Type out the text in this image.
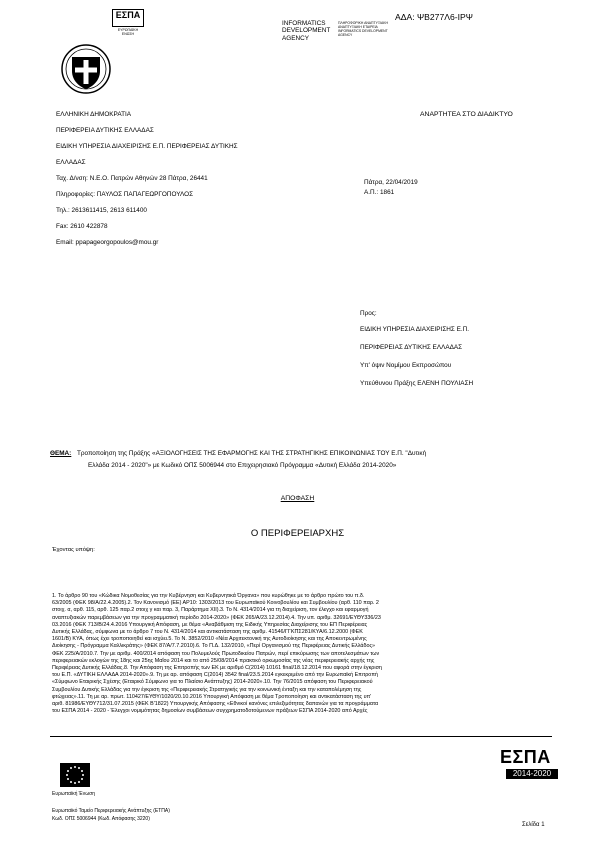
ΕΣΠΑ
ΕΥΡΩΠΑΪΚΗ ΕΝΩΣΗ
INFORMATICS
DEVELOPMENT
AGENCY
ΠΛΗΡΟΦΟΡΙΚΗ ΑΝΑΠΤΥΞΙΑΚΗ ΑΝΑΠΤΥΞΙΑΚΗ ΕΤΑΙΡΕΙΑ INFORMATICS DEVELOPMENT AGENCY
ΑΔΑ: ΨΒ277Λ6-ΙΡΨ
ΕΛΛΗΝΙΚΗ ΔΗΜΟΚΡΑΤΙΑ
ΠΕΡΙΦΕΡΕΙΑ ΔΥΤΙΚΗΣ ΕΛΛΑΔΑΣ
ΕΙΔΙΚΗ ΥΠΗΡΕΣΙΑ ΔΙΑΧΕΙΡΙΣΗΣ Ε.Π. ΠΕΡΙΦΕΡΕΙΑΣ ΔΥΤΙΚΗΣ
ΕΛΛΑΔΑΣ
Ταχ. Δ/νση: Ν.Ε.Ο. Πατρών Αθηνών 28 Πάτρα, 26441
Πληροφορίες: ΠΑΥΛΟΣ ΠΑΠΑΓΕΩΡΓΟΠΟΥΛΟΣ
Τηλ.: 2613611415, 2613 611400
Fax: 2610 422878
Email: ppapageorgopoulos@mou.gr
ΑΝΑΡΤΗΤΕΑ ΣΤΟ ΔΙΑΔΙΚΤΥΟ
Πάτρα, 22/04/2019
Α.Π.: 1861
Προς:
ΕΙΔΙΚΗ ΥΠΗΡΕΣΙΑ ΔΙΑΧΕΙΡΙΣΗΣ Ε.Π.
ΠΕΡΙΦΕΡΕΙΑΣ ΔΥΤΙΚΗΣ ΕΛΛΑΔΑΣ
Υπ' όψιν Νομίμου Εκπροσώπου
Υπεύθυνου Πράξης ΕΛΕΝΗ ΠΟΥΛΙΑΣΗ
ΘΕΜΑ: Τροποποίηση της Πράξης «ΑΞΙΟΛΟΓΗΣΕΙΣ ΤΗΣ ΕΦΑΡΜΟΓΗΣ ΚΑΙ ΤΗΣ ΣΤΡΑΤΗΓΙΚΗΣ ΕΠΙΚΟΙΝΩΝΙΑΣ ΤΟΥ Ε.Π. "Δυτική
Ελλάδα 2014 - 2020"» με Κωδικό ΟΠΣ 5006944 στο Επιχειρησιακό Πρόγραμμα «Δυτική Ελλάδα 2014-2020»
ΑΠΟΦΑΣΗ
Ο ΠΕΡΙΦΕΡΕΙΑΡΧΗΣ
Έχοντας υπόψη:
1. Το άρθρο 90 του «Κώδικα Νομοθεσίας για την Κυβέρνηση και Κυβερνητικά Όργανα» που κυρώθηκε με το άρθρο πρώτο του π.δ.
63/2005 (ΦΕΚ 98/Α/22.4.2005).2. Τον Κανονισμό (ΕΕ) ΑΡ10: 1303/2013 του Ευρωπαϊκού Κοινοβουλίου και Συμβουλίου (αρθ. 110 παρ. 2
στοιχ. α, αρθ. 115, αρθ. 125 παρ.2 στοιχ γ και παρ. 3, Παράρτημα XII).3. Το Ν. 4314/2014 για τη διαχείριση, τον έλεγχο και εφαρμογή
αναπτυξιακών παρεμβάσεων για την προγραμματική περίοδο 2014-2020» (ΦΕΚ 265/Α/23.12.2014).4. Την υπ. αριθμ. 32691/ΕΥΘΥ336/23
03.2016 (ΦΕΚ 713/Β/24.4.2016 Υπουργική Απόφαση, με θέμα «Αναβάθμιση της Ειδικής Υπηρεσίας Διαχείρισης του ΕΠ Περιφέρειας
Δυτικής Ελλάδας, σύμφωνα με το άρθρο 7 του Ν. 4314/2014 και αντικατάσταση της αριθμ. 41546/ΓΓΚΠΣ281/ΚΥΑ/6.12.2000 (ΦΕΚ
1601/Β) ΚΥΑ, όπως έχει τροποποιηθεί και ισχύει.5. Το Ν. 3852/2010 «Νέα Αρχιτεκτονική της Αυτοδιοίκησης και της Αποκεντρωμένης
Διοίκησης - Πρόγραμμα Καλλικράτης» (ΦΕΚ 87/Α/7.7.2010).6. Το Π.Δ. 132/2010, «Περί Οργανισμού της Περιφέρειας Δυτικής Ελλάδος»
ΦΕΚ 225/Α/2010.7. Την με αριθμ. 400/2014 απόφαση του Πολυμελούς Πρωτοδικείου Πατρών, περί επικύρωσης των αποτελεσμάτων των
περιφερειακών εκλογών της 18ης και 25ης Μαΐου 2014 και το από 25/08/2014 πρακτικό ορκωμοσίας της νέας περιφερειακής αρχής της
Περιφέρειας Δυτικής Ελλάδας.8. Την Απόφαση της Επιτροπής των ΕΚ με αριθμό C(2014) 10161 final/18.12.2014 που αφορά στην έγκριση
του Ε.Π. «ΔΥΤΙΚΗ ΕΛΛΑΔΑ 2014-2020».9. Τη με αρ. απόφαση C(2014) 3542 final/23.5.2014 εγκεκριμένο από την Ευρωπαϊκή Επιτροπή
«Σύμφωνο Εταιρικής Σχέσης (Εταιρικό Σύμφωνο για το Πλαίσιο Ανάπτυξης) 2014-2020».10. Την 76/2015 απόφαση του Περιφερειακού
Συμβουλίου Δυτικής Ελλάδας για την έγκριση της «Περιφερειακής Στρατηγικής για την κοινωνική ένταξη και την καταπολέμηση της
φτώχειας».11. Τη με αρ. πρωτ. 110427/ΕΥΘΥ/1020/20.10.2016 Υπουργική Απόφαση με θέμα Τροποποίηση και αντικατάσταση της υπ'
αριθ. 81986/ΕΥΘΥ712/31.07.2015 (ΦΕΚ Β'1822) Υπουργικής Απόφασης «Εθνικοί κανόνες επιλεξιμότητας δαπανών για τα προγράμματα
του ΕΣΠΑ 2014 - 2020 - Έλεγχοι νομιμότητας δημοσίων συμβάσεων συγχρηματοδοτούμενων πράξεων ΕΣΠΑ 2014-2020 από Αρχές
Ευρωπαϊκή Ένωση
Ευρωπαϊκό Ταμείο Περιφερειακής Ανάπτυξης (ΕΤΠΑ)
Κωδ. ΟΠΣ 5006944 (Κωδ. Απόφασης 3220)
ΕΣΠΑ
2014-2020
Σελίδα 1
